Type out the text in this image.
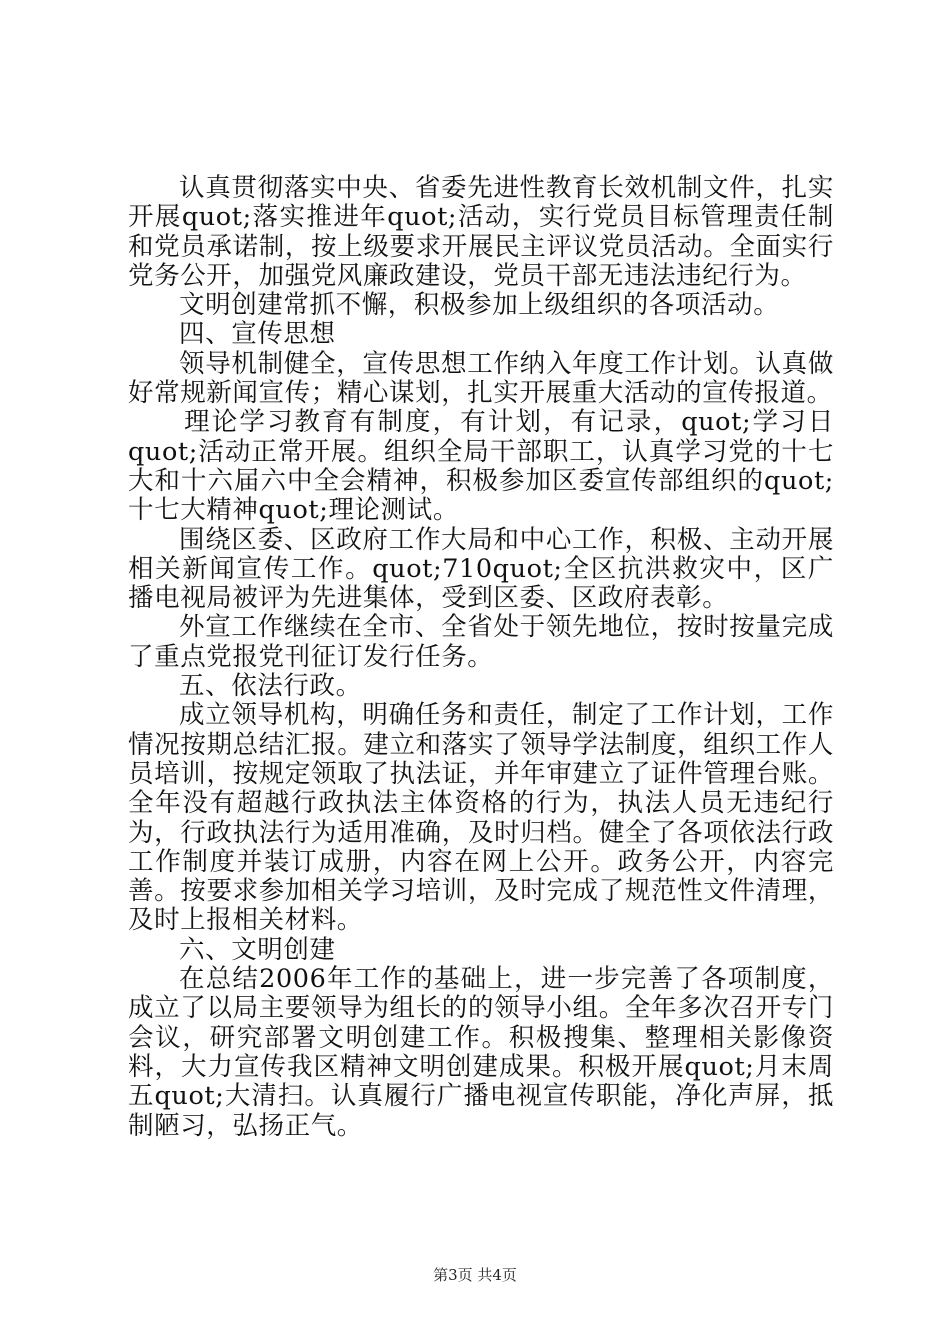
认真贯彻落实中央、省委先进性教育长效机制文件，扎实开展quot;落实推进年quot;活动，实行党员目标管理责任制和党员承诺制，按上级要求开展民主评议党员活动。全面实行党务公开，加强党风廉政建设，党员干部无违法违纪行为。

文明创建常抓不懈，积极参加上级组织的各项活动。

四、宣传思想

领导机制健全，宣传思想工作纳入年度工作计划。认真做好常规新闻宣传；精心谋划，扎实开展重大活动的宣传报道。

理论学习教育有制度，有计划，有记录，quot;学习日quot;活动正常开展。组织全局干部职工，认真学习党的十七大和十六届六中全会精神，积极参加区委宣传部组织的quot;十七大精神quot;理论测试。

围绕区委、区政府工作大局和中心工作，积极、主动开展相关新闻宣传工作。quot;710quot;全区抗洪救灾中，区广播电视局被评为先进集体，受到区委、区政府表彰。

外宣工作继续在全市、全省处于领先地位，按时按量完成了重点党报党刊征订发行任务。

五、依法行政。

成立领导机构，明确任务和责任，制定了工作计划，工作情况按期总结汇报。建立和落实了领导学法制度，组织工作人员培训，按规定领取了执法证，并年审建立了证件管理台账。全年没有超越行政执法主体资格的行为，执法人员无违纪行为，行政执法行为适用准确，及时归档。健全了各项依法行政工作制度并装订成册，内容在网上公开。政务公开，内容完善。按要求参加相关学习培训，及时完成了规范性文件清理，及时上报相关材料。

六、文明创建

在总结2006年工作的基础上，进一步完善了各项制度，成立了以局主要领导为组长的的领导小组。全年多次召开专门会议，研究部署文明创建工作。积极搜集、整理相关影像资料，大力宣传我区精神文明创建成果。积极开展quot;月末周五quot;大清扫。认真履行广播电视宣传职能，净化声屏，抵制陋习，弘扬正气。

第3页 共4页
